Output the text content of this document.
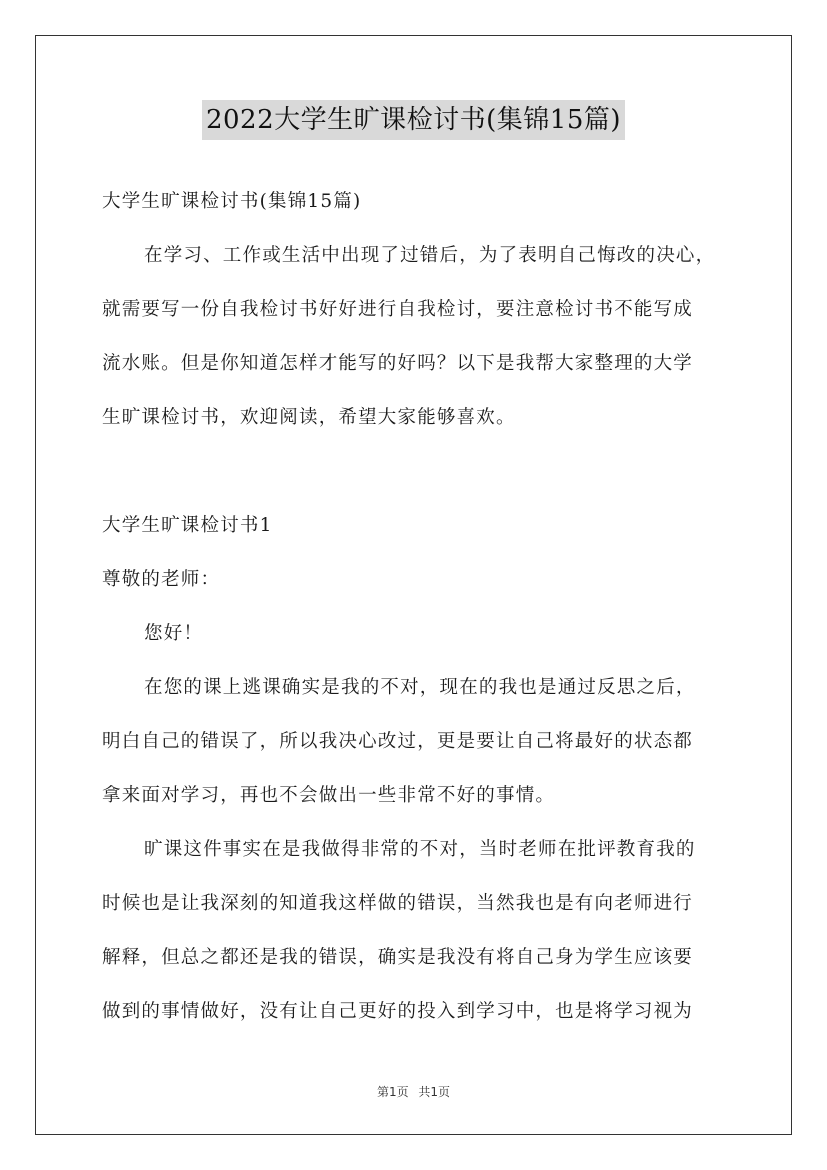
2022大学生旷课检讨书(集锦15篇)
大学生旷课检讨书(集锦15篇)
在学习、工作或生活中出现了过错后，为了表明自己悔改的决心，
就需要写一份自我检讨书好好进行自我检讨，要注意检讨书不能写成
流水账。但是你知道怎样才能写的好吗？以下是我帮大家整理的大学
生旷课检讨书，欢迎阅读，希望大家能够喜欢。
大学生旷课检讨书1
尊敬的老师：
您好！
在您的课上逃课确实是我的不对，现在的我也是通过反思之后，
明白自己的错误了，所以我决心改过，更是要让自己将最好的状态都
拿来面对学习，再也不会做出一些非常不好的事情。
旷课这件事实在是我做得非常的不对，当时老师在批评教育我的
时候也是让我深刻的知道我这样做的错误，当然我也是有向老师进行
解释，但总之都还是我的错误，确实是我没有将自己身为学生应该要
做到的事情做好，没有让自己更好的投入到学习中，也是将学习视为
第1页 共1页
